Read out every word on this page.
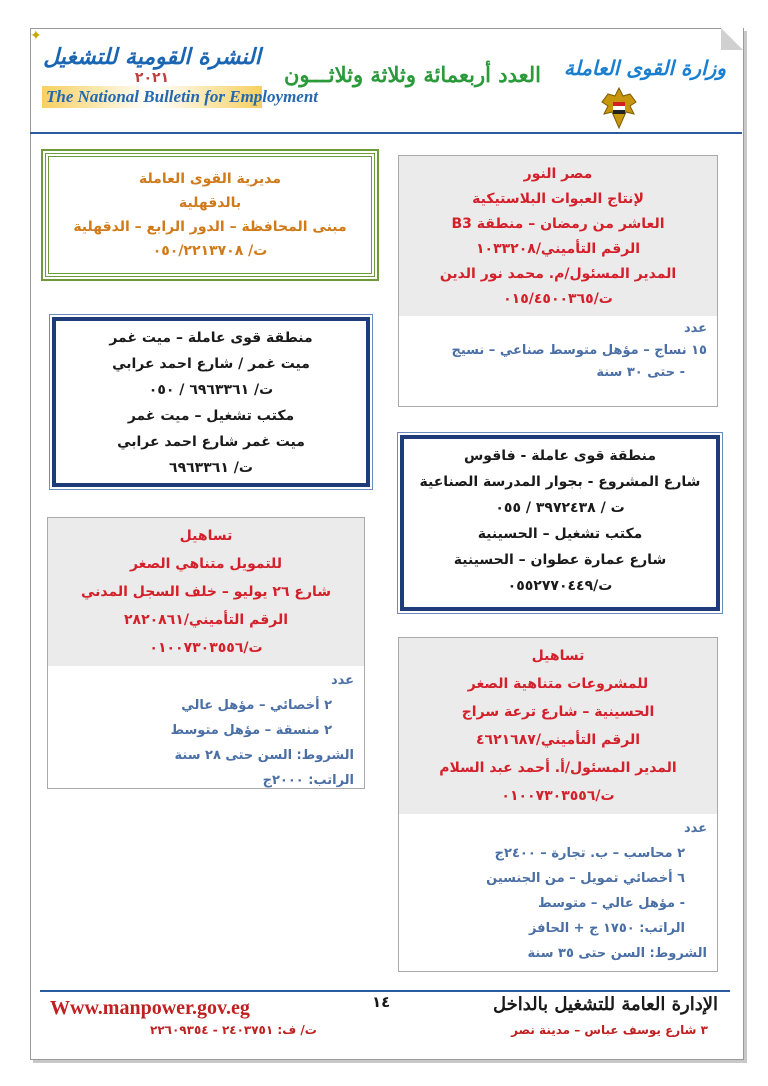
✦
النشرة القومية للتشغيل
٢٠٢١
The National Bulletin for Employment
العدد أربعمائة وثلاثة وثلاثـــون	وزارة القوى العاملة

مصر النور

لإنتاج العبوات البلاستيكية

العاشر من رمضان – منطقة B3

الرقم التأميني/١٠٣٣٢٠٨

المدير المسئول/م. محمد نور الدين

ت/٠١٥/٤٥٠٠٣٦٥

عدد

١٥ نساج – مؤهل متوسط صناعي – نسيج

- حتى ٣٠ سنة

مديرية القوى العاملة

بالدقهلية

مبنى المحافظة – الدور الرابع – الدقهلية

ت/ ٠٥٠/٢٢١٣٧٠٨

منطقة قوى عاملة – ميت غمر

ميت غمر / شارع احمد عرابي

ت/ ٦٩٦٣٣٦١ / ٠٥٠

مكتب تشغيل – ميت غمر

ميت غمر شارع احمد عرابي

ت/ ٦٩٦٣٣٦١

منطقة قوى عاملة - فاقوس

شارع المشروع - بجوار المدرسة الصناعية

ت / ٣٩٧٢٤٣٨ / ٠٥٥

مكتب تشغيل – الحسينية

شارع عمارة عطوان – الحسينية

ت/٠٥٥٢٧٧٠٤٤٩

تساهيل

للتمويل متناهي الصغر

شارع ٢٦ يوليو – خلف السجل المدني

الرقم التأميني/٢٨٢٠٨٦١

ت/٠١٠٠٧٣٠٣٥٥٦

عدد

٢ أخصائي – مؤهل عالي

٢ منسقة – مؤهل متوسط

الشروط: السن حتى ٢٨ سنة

الراتب: ٢٠٠٠ج

تساهيل

للمشروعات متناهية الصغر

الحسينية – شارع ترعة سراج

الرقم التأميني/٤٦٢١٦٨٧

المدير المسئول/أ. أحمد عبد السلام

ت/٠١٠٠٧٣٠٣٥٥٦

عدد

٢ محاسب – ب. تجارة – ٢٤٠٠ج

٦ أخصائي تمويل – من الجنسين

- مؤهل عالي – متوسط

الراتب: ١٧٥٠ ج + الحافز

الشروط: السن حتى ٣٥ سنة

Www.manpower.gov.eg	١٤	الإدارة العامة للتشغيل بالداخل
٣ شارع يوسف عباس – مدينة نصر
ت/ ف: ٢٤٠٣٧٥١ - ٢٢٦٠٩٣٥٤
